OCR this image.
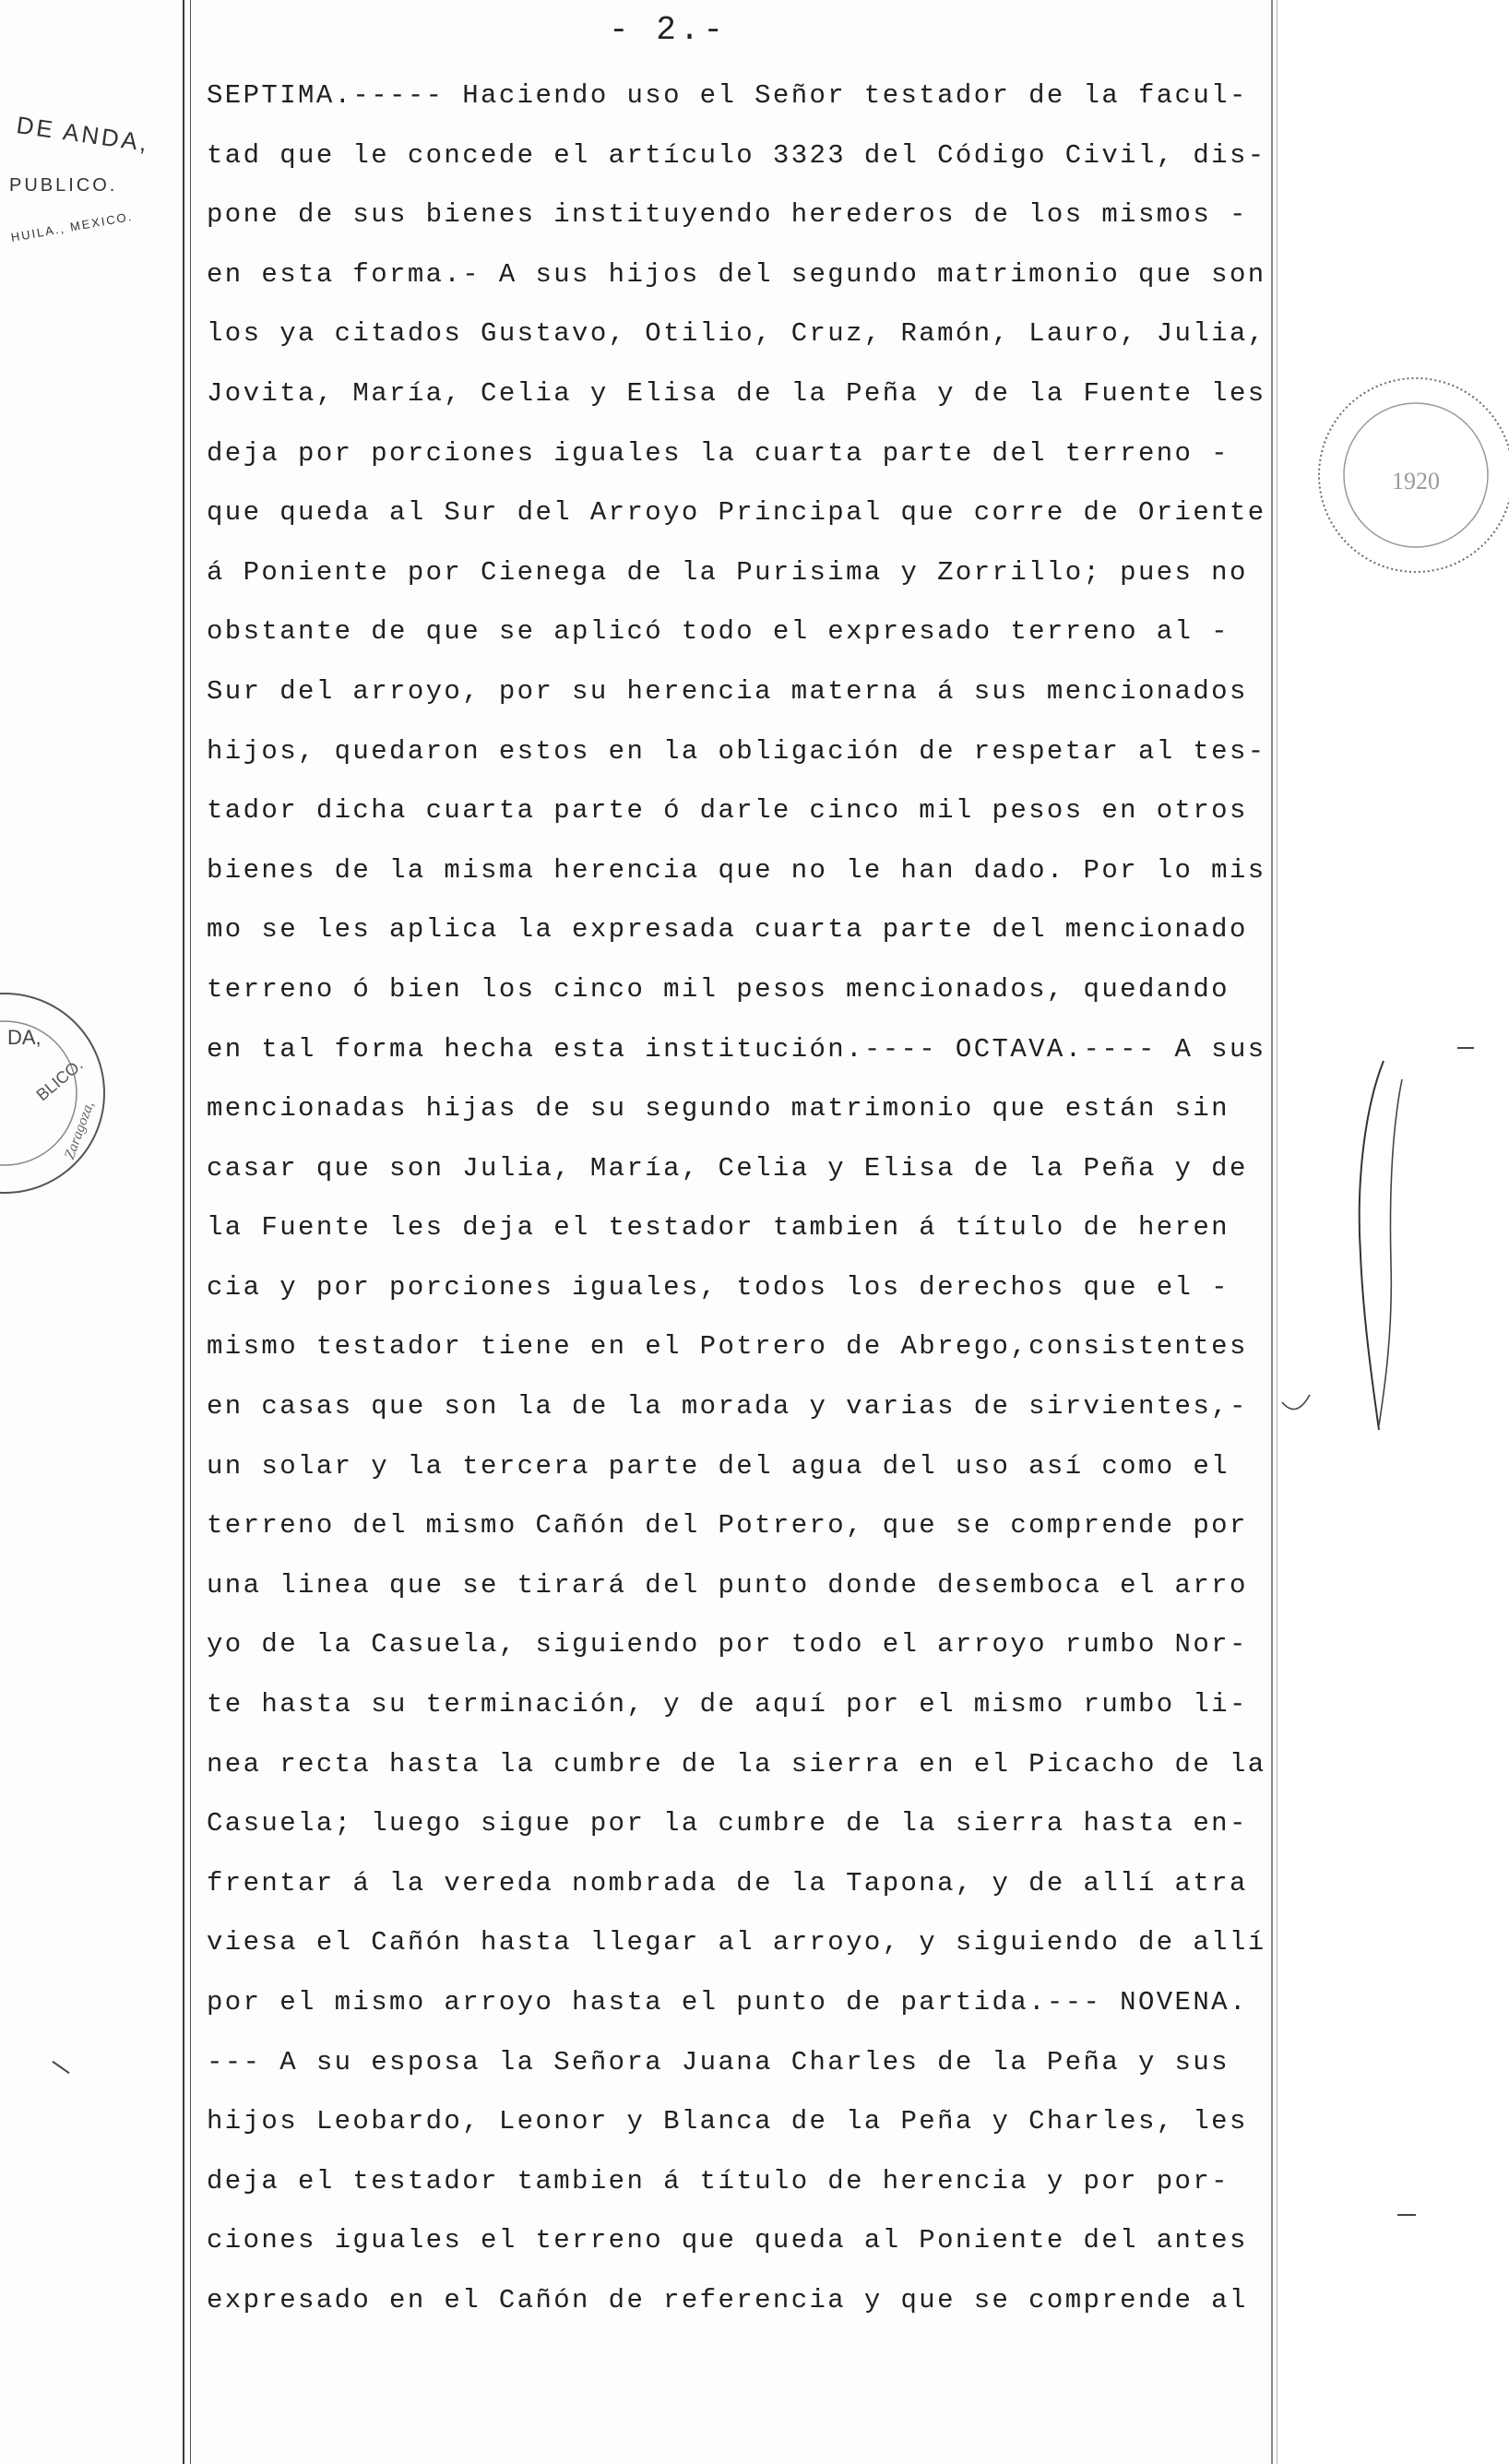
- 2.-
DE ANDA,
PUBLICO.
HUILA., MEXICO.
DA,
BLICO.
Zaragoza,
1920
SEPTIMA.----- Haciendo uso el Señor testador de la facul-
tad que le concede el artículo 3323 del Código Civil, dis-
pone de sus bienes instituyendo herederos de los mismos -
en esta forma.- A sus hijos del segundo matrimonio que son
los ya citados Gustavo, Otilio, Cruz, Ramón, Lauro, Julia,
Jovita, María, Celia y Elisa de la Peña y de la Fuente les
deja por porciones iguales la cuarta parte del terreno -
que queda al Sur del Arroyo Principal que corre de Oriente
á Poniente por Cienega de la Purisima y Zorrillo; pues no
obstante de que se aplicó todo el expresado terreno al -
Sur del arroyo, por su herencia materna á sus mencionados
hijos, quedaron estos en la obligación de respetar al tes-
tador dicha cuarta parte ó darle cinco mil pesos en otros
bienes de la misma herencia que no le han dado. Por lo mis
mo se les aplica la expresada cuarta parte del mencionado
terreno ó bien los cinco mil pesos mencionados, quedando
en tal forma hecha esta institución.---- OCTAVA.---- A sus
mencionadas hijas de su segundo matrimonio que están sin
casar que son Julia, María, Celia y Elisa de la Peña y de
la Fuente les deja el testador tambien á título de heren
cia y por porciones iguales, todos los derechos que el -
mismo testador tiene en el Potrero de Abrego,consistentes
en casas que son la de la morada y varias de sirvientes,-
un solar y la tercera parte del agua del uso así como el
terreno del mismo Cañón del Potrero, que se comprende por
una linea que se tirará del punto donde desemboca el arro
yo de la Casuela, siguiendo por todo el arroyo rumbo Nor-
te hasta su terminación, y de aquí por el mismo rumbo li-
nea recta hasta la cumbre de la sierra en el Picacho de la
Casuela; luego sigue por la cumbre de la sierra hasta en-
frentar á la vereda nombrada de la Tapona, y de allí atra
viesa el Cañón hasta llegar al arroyo, y siguiendo de allí
por el mismo arroyo hasta el punto de partida.--- NOVENA.
--- A su esposa la Señora Juana Charles de la Peña y sus
hijos Leobardo, Leonor y Blanca de la Peña y Charles, les
deja el testador tambien á título de herencia y por por-
ciones iguales el terreno que queda al Poniente del antes
expresado en el Cañón de referencia y que se comprende al
